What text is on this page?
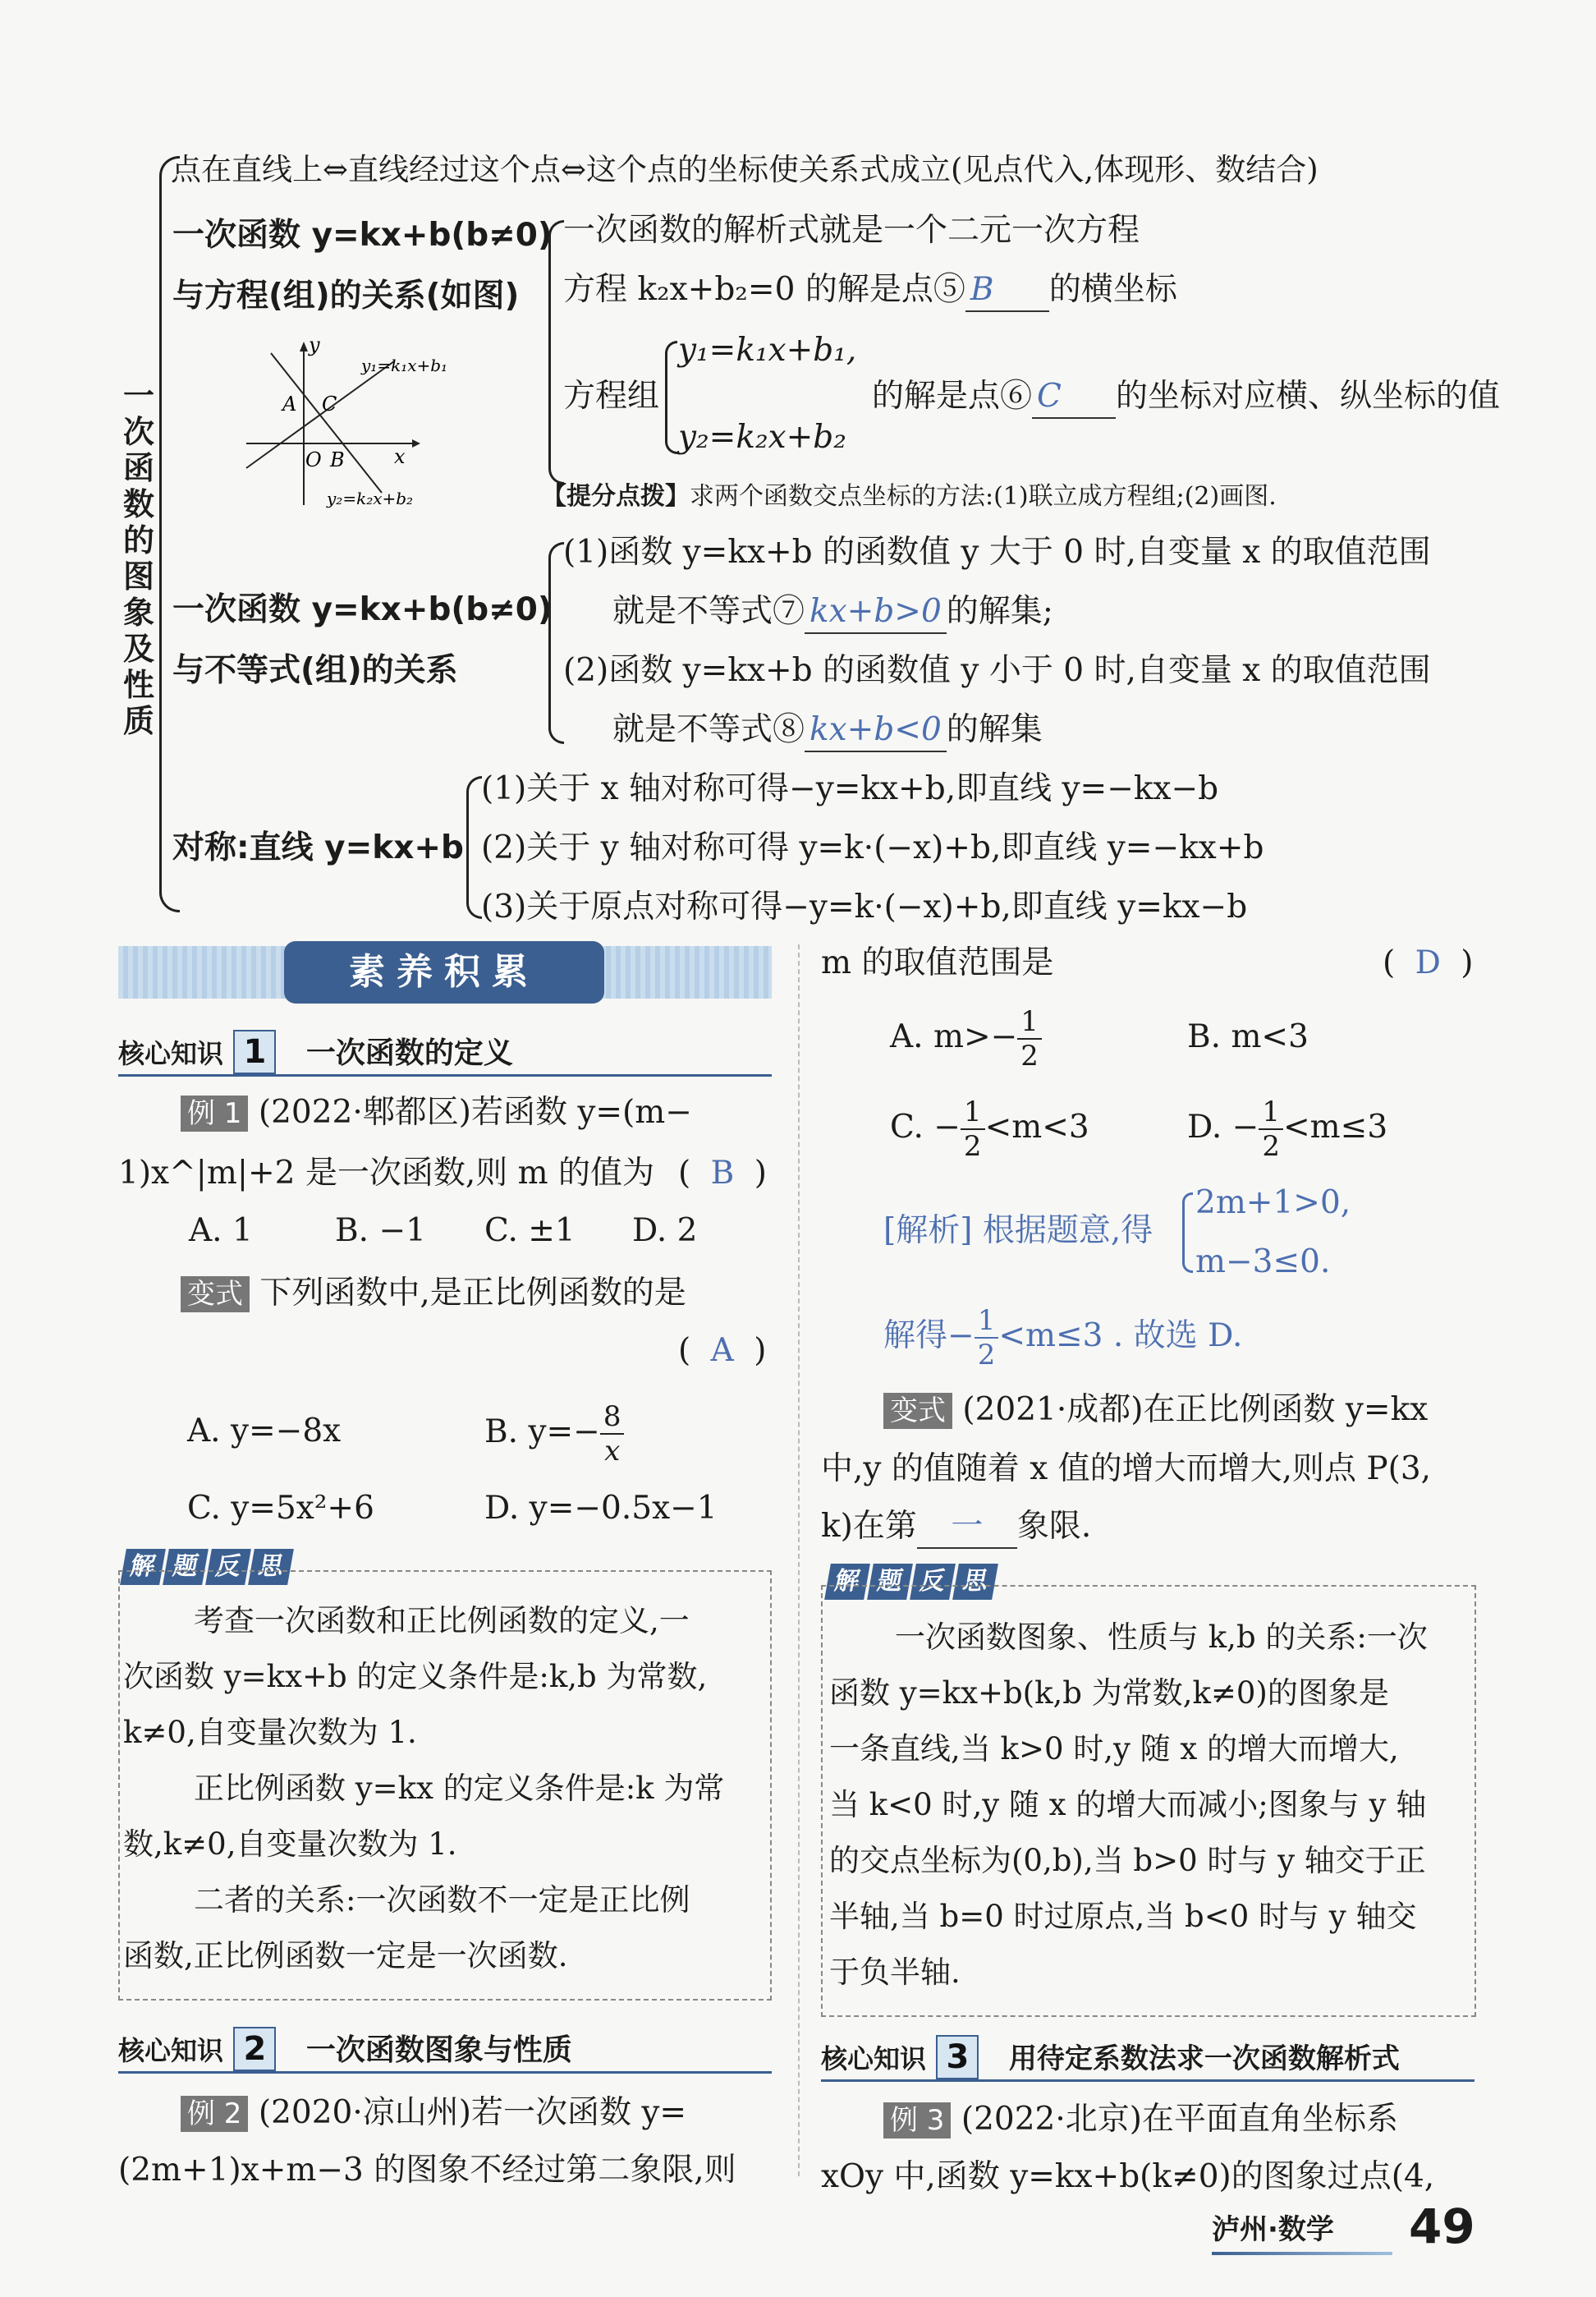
一次函数的图象及性质
点在直线上⇔直线经过这个点⇔这个点的坐标使关系式成立(见点代入,体现形、数结合)
一次函数 y=kx+b(b≠0)
与方程(组)的关系(如图)
y
x
O
A
B
C
y₁=k₁x+b₁
y₂=k₂x+b₂
一次函数的解析式就是一个二元一次方程
方程 k₂x+b₂=0 的解是点⑤ B 的横坐标
方程组
y₁=k₁x+b₁,
y₂=k₂x+b₂
的解是点⑥ C 的坐标对应横、纵坐标的值
【提分点拨】求两个函数交点坐标的方法:(1)联立成方程组;(2)画图.
一次函数 y=kx+b(b≠0)
与不等式(组)的关系
(1)函数 y=kx+b 的函数值 y 大于 0 时,自变量 x 的取值范围
就是不等式⑦ kx+b>0 的解集;
(2)函数 y=kx+b 的函数值 y 小于 0 时,自变量 x 的取值范围
就是不等式⑧ kx+b<0 的解集
对称:直线 y=kx+b
(1)关于 x 轴对称可得−y=kx+b,即直线 y=−kx−b
(2)关于 y 轴对称可得 y=k·(−x)+b,即直线 y=−kx+b
(3)关于原点对称可得−y=k·(−x)+b,即直线 y=kx−b
素养积累
核心知识 1 一次函数的定义
例 1 (2022·郫都区)若函数 y=(m−
1)x^|m|+2 是一次函数,则 m 的值为 ( B )
A. 1	B. −1 C. ±1 D. 2
变式 下列函数中,是正比例函数的是
( A )
A. y=−8x	B. $y=- \frac{8}{x}$
C. y=5x²+6	D. y=−0.5x−1
解 题 反 思
考查一次函数和正比例函数的定义,一
次函数 y=kx+b 的定义条件是:k,b 为常数,
k≠0,自变量次数为 1.
正比例函数 y=kx 的定义条件是:k 为常
数,k≠0,自变量次数为 1.
二者的关系:一次函数不一定是正比例
函数,正比例函数一定是一次函数.
核心知识 2 一次函数图象与性质
例 2 (2020·凉山州)若一次函数 y=
(2m+1)x+m−3 的图象不经过第二象限,则
m 的取值范围是	( D )
A. $m>- \frac{1}{2}$	B. m<3
C. − $\frac{1}{2} <m<3$	D. − $\frac{1}{2} <m\le 3$
[解析] 根据题意,得
2m+1>0,
m−3≤0.
解得− $\frac{1}{2} <m\le 3$ . 故选 D.
变式 (2021·成都)在正比例函数 y=kx
中,y 的值随着 x 值的增大而增大,则点 P(3,
k)在第 一 象限.
解 题 反 思
一次函数图象、性质与 k,b 的关系:一次
函数 y=kx+b(k,b 为常数,k≠0)的图象是
一条直线,当 k>0 时,y 随 x 的增大而增大,
当 k<0 时,y 随 x 的增大而减小;图象与 y 轴
的交点坐标为(0,b),当 b>0 时与 y 轴交于正
半轴,当 b=0 时过原点,当 b<0 时与 y 轴交
于负半轴.
核心知识 3 用待定系数法求一次函数解析式
例 3 (2022·北京)在平面直角坐标系
xOy 中,函数 y=kx+b(k≠0)的图象过点(4,
泸州·数学 49
